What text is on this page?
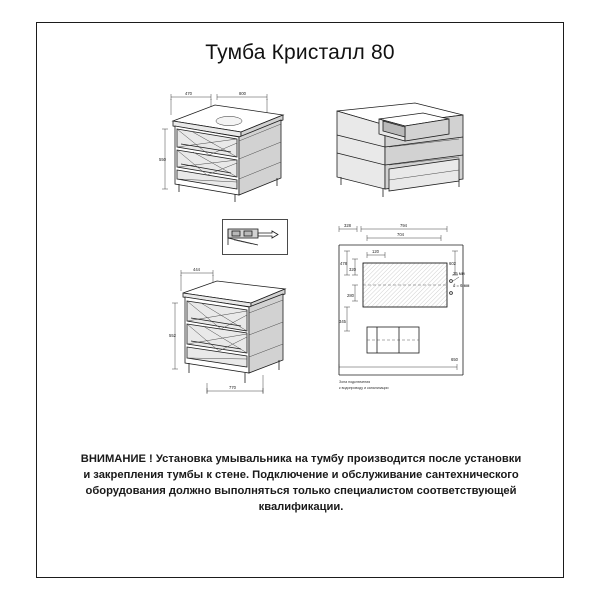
Тумба Кристалл 80
470	800
550
444
552
770
328	794
704
478
320
280
345
120
602
25 мм
d = 6 мм
650
Зона подключения
к водопроводу и канализации
ВНИМАНИЕ ! Установка умывальника на тумбу производится после установки и закрепления тумбы к стене. Подключение и обслуживание сантехнического оборудования должно выполняться только специалистом соответствующей квалификации.
